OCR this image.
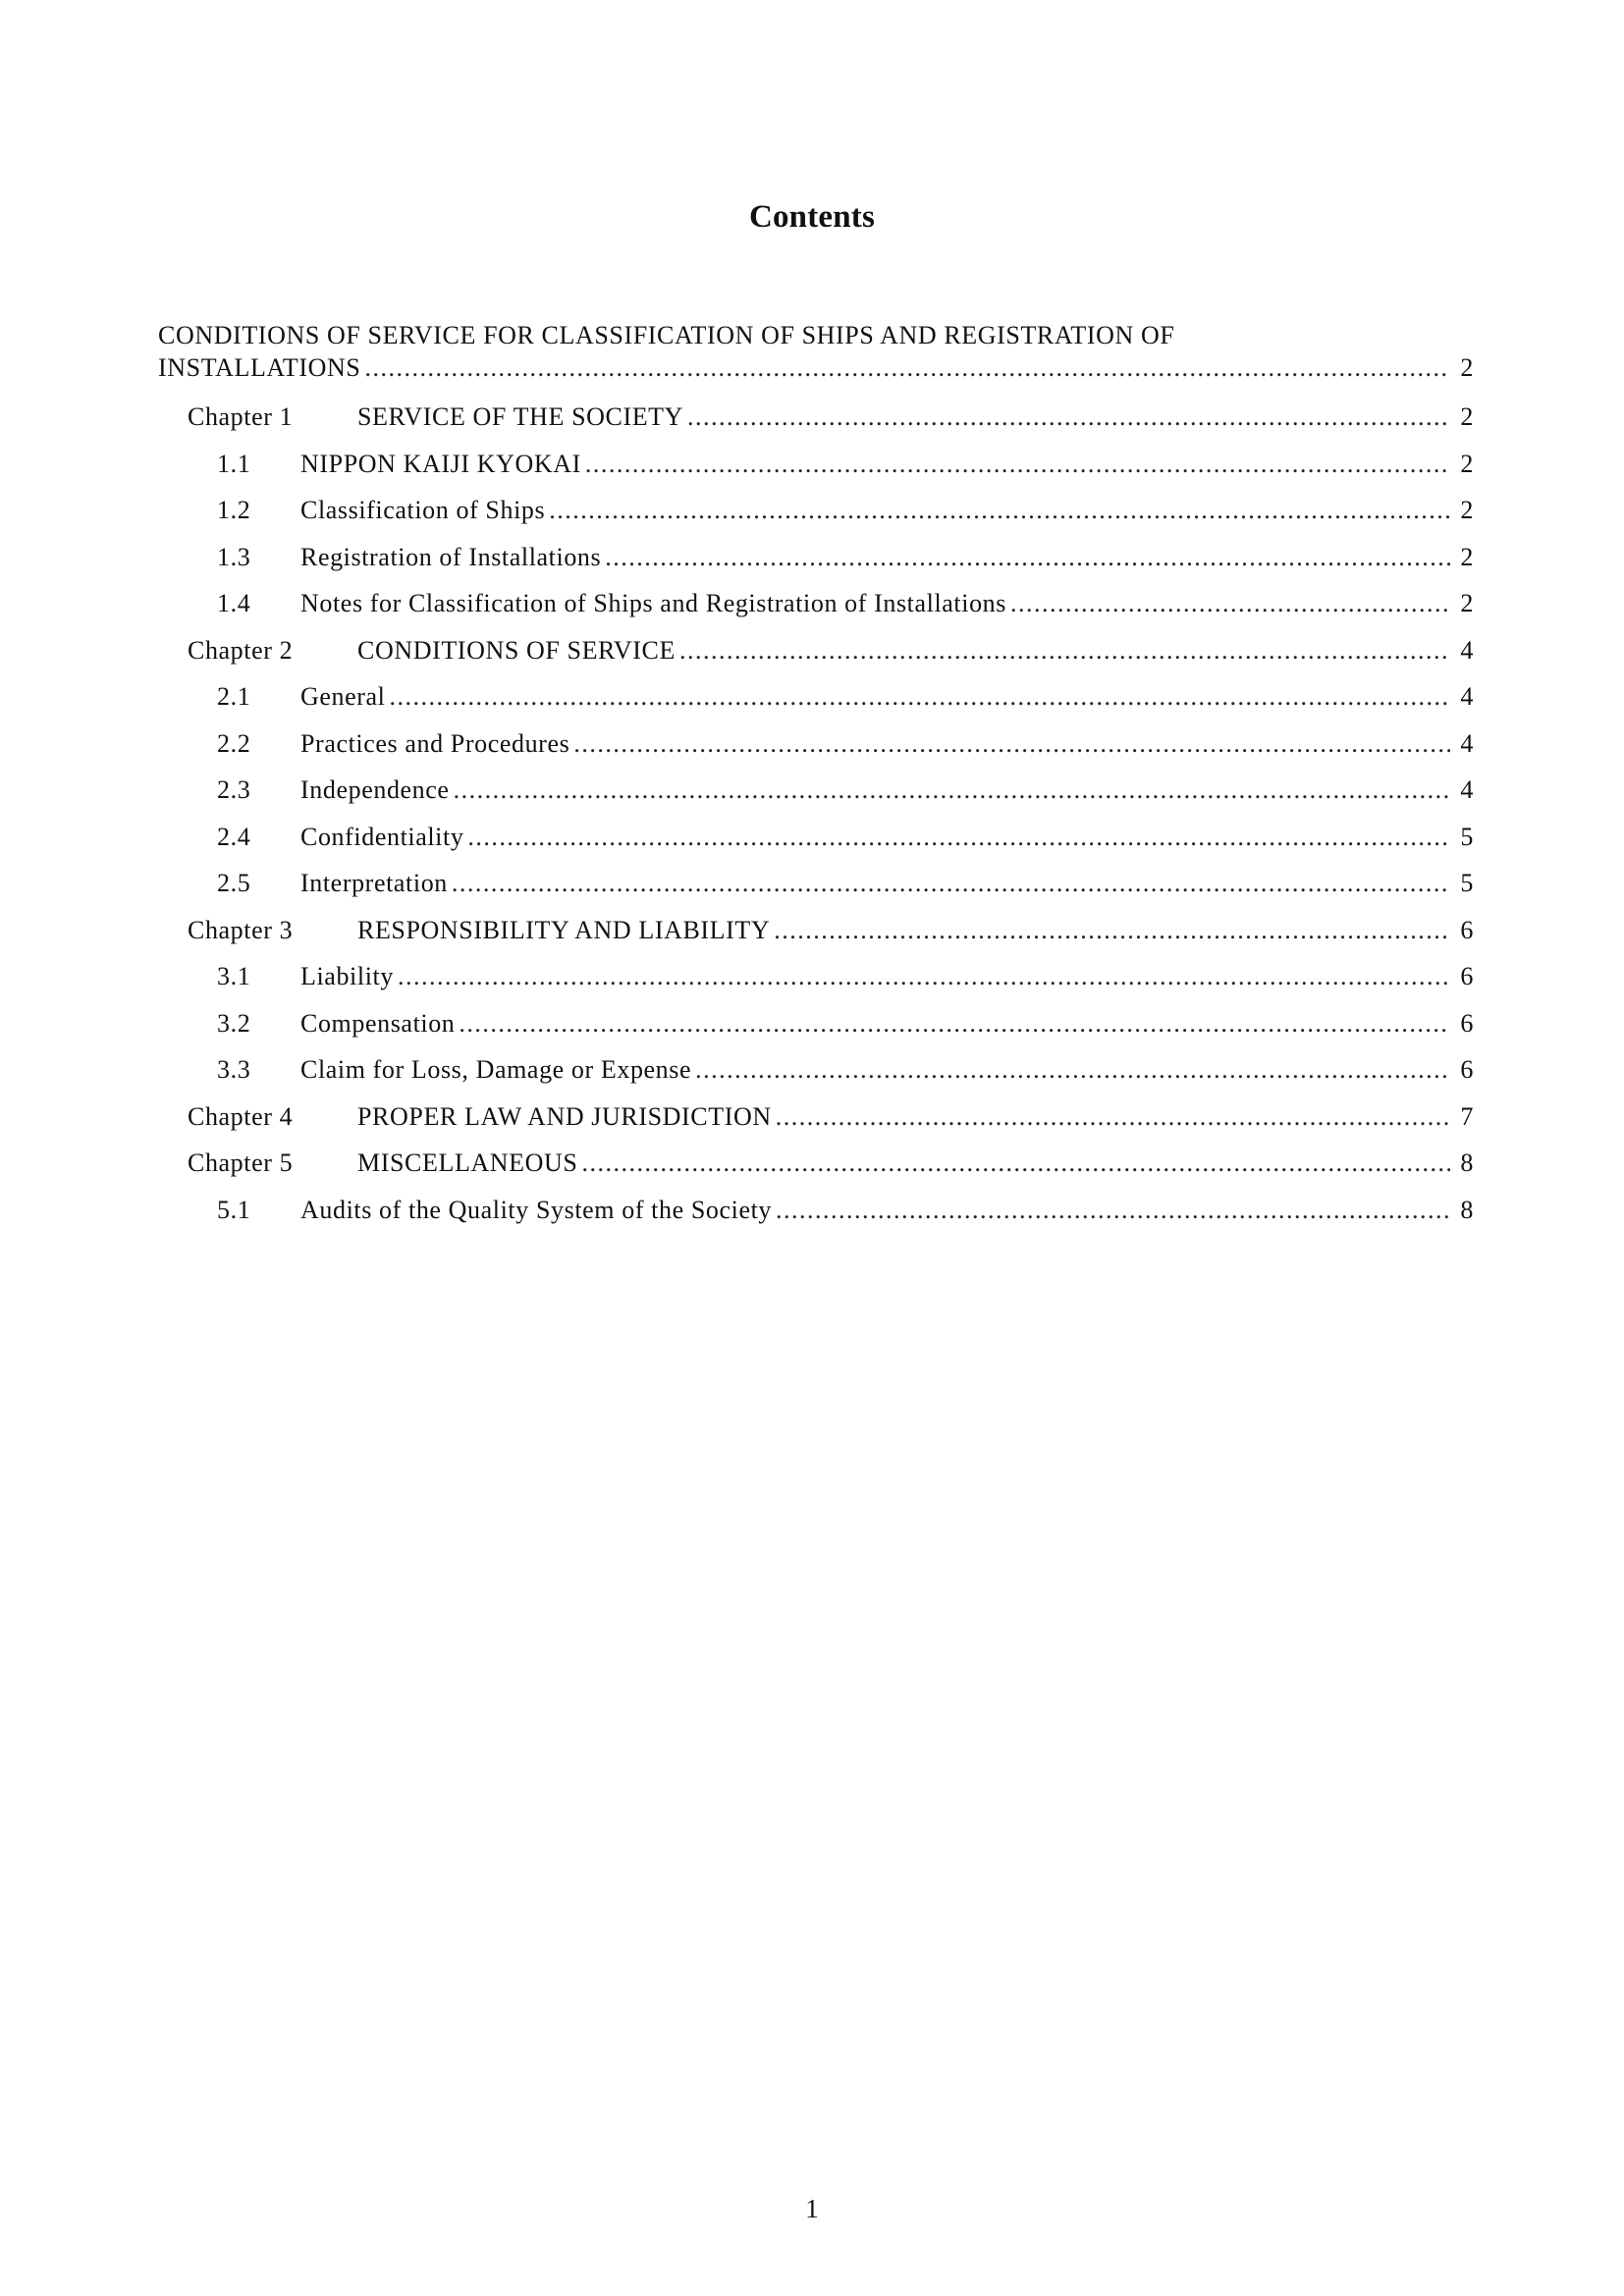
Contents
CONDITIONS OF SERVICE FOR CLASSIFICATION OF SHIPS AND REGISTRATION OF
INSTALLATIONS .....	2
Chapter 1	SERVICE OF THE SOCIETY .....	2
1.1	NIPPON KAIJI KYOKAI .....	2
1.2	Classification of Ships .....	2
1.3	Registration of Installations .....	2
1.4	Notes for Classification of Ships and Registration of Installations .....	2
Chapter 2	CONDITIONS OF SERVICE .....	4
2.1	General .....	4
2.2	Practices and Procedures .....	4
2.3	Independence .....	4
2.4	Confidentiality .....	5
2.5	Interpretation .....	5
Chapter 3	RESPONSIBILITY AND LIABILITY .....	6
3.1	Liability .....	6
3.2	Compensation .....	6
3.3	Claim for Loss, Damage or Expense .....	6
Chapter 4	PROPER LAW AND JURISDICTION .....	7
Chapter 5	MISCELLANEOUS .....	8
5.1	Audits of the Quality System of the Society .....	8
1
